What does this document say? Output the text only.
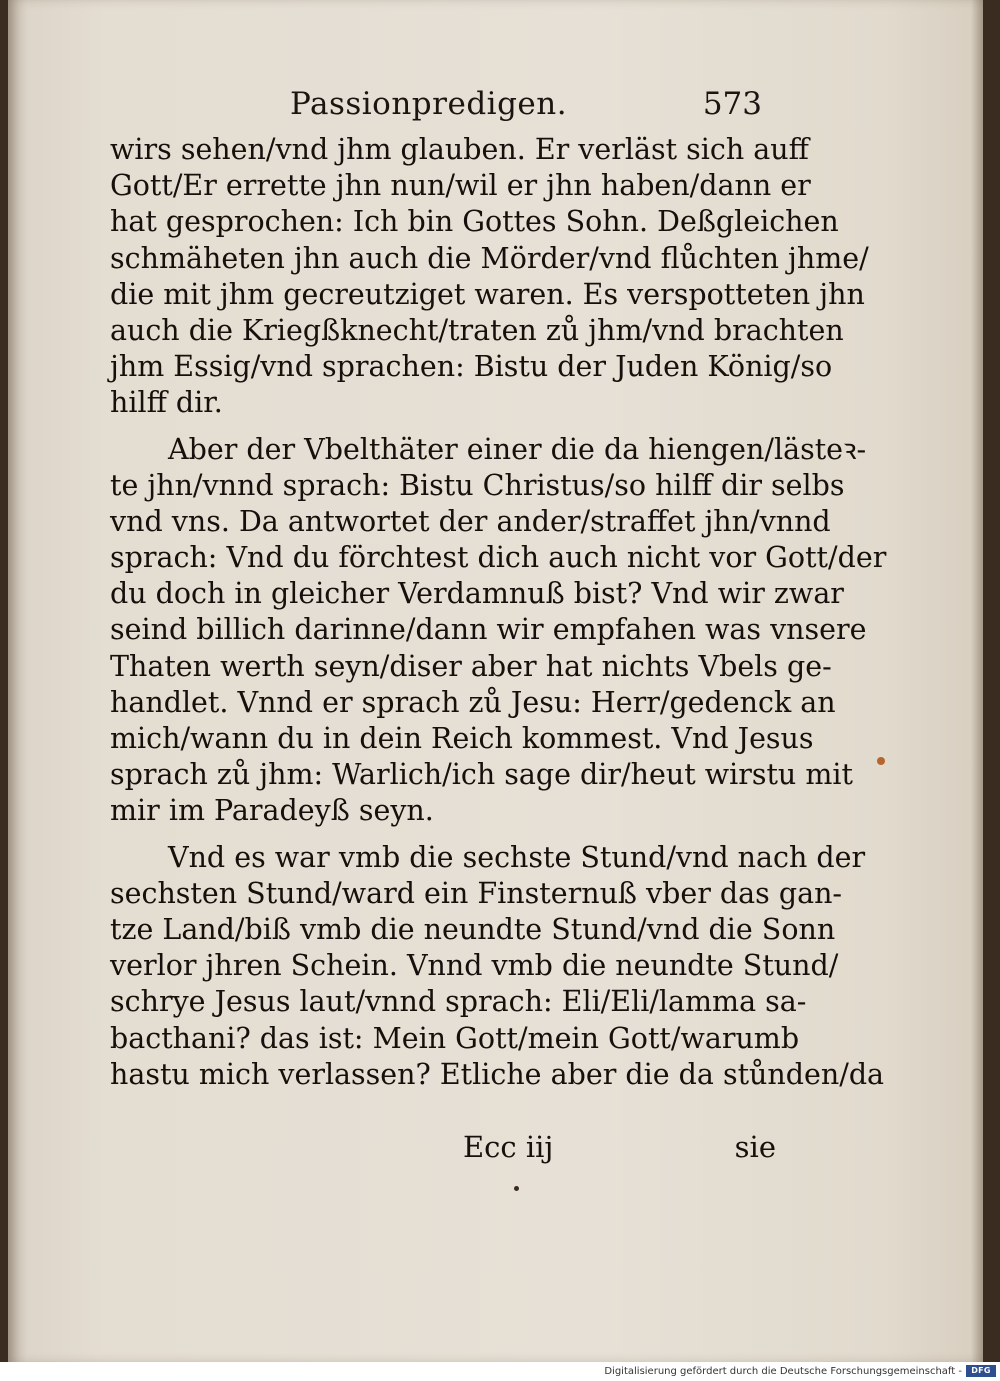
Passionpredigen.	573
wirs sehen/vnd jhm glauben. Er verläst sich auff
Gott/Er errette jhn nun/wil er jhn haben/dann er
hat gesprochen: Ich bin Gottes Sohn. Deßgleichen
schmäheten jhn auch die Mörder/vnd flůchten jhme/
die mit jhm gecreutziget waren. Es verspotteten jhn
auch die Kriegßknecht/traten zů jhm/vnd brachten
jhm Essig/vnd sprachen: Bistu der Juden König/so
hilff dir.
Aber der Vbelthäter einer die da hiengen/lästeꝛ-
te jhn/vnnd sprach: Bistu Christus/so hilff dir selbs
vnd vns. Da antwortet der ander/straffet jhn/vnnd
sprach: Vnd du förchtest dich auch nicht vor Gott/der
du doch in gleicher Verdamnuß bist? Vnd wir zwar
seind billich darinne/dann wir empfahen was vnsere
Thaten werth seyn/diser aber hat nichts Vbels ge-
handlet. Vnnd er sprach zů Jesu: Herr/gedenck an
mich/wann du in dein Reich kommest. Vnd Jesus
sprach zů jhm: Warlich/ich sage dir/heut wirstu mit
mir im Paradeyß seyn.
Vnd es war vmb die sechste Stund/vnd nach der
sechsten Stund/ward ein Finsternuß vber das gan-
tze Land/biß vmb die neundte Stund/vnd die Sonn
verlor jhren Schein. Vnnd vmb die neundte Stund/
schrye Jesus laut/vnnd sprach: Eli/Eli/lamma sa-
bacthani? das ist: Mein Gott/mein Gott/warumb
hastu mich verlassen? Etliche aber die da stůnden/da
Ecc iij	sie
Digitalisierung gefördert durch die Deutsche Forschungsgemeinschaft -	DFG
